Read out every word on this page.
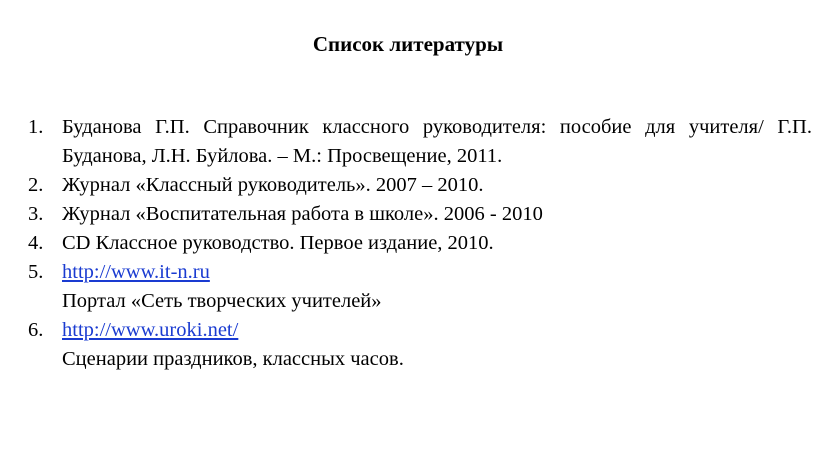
Список литературы
1. Буданова Г.П. Справочник классного руководителя: пособие для учителя/ Г.П. Буданова, Л.Н. Буйлова. – М.: Просвещение, 2011.
2. Журнал «Классный руководитель». 2007 – 2010.
3. Журнал «Воспитательная работа в школе». 2006 - 2010
4. CD Классное руководство. Первое издание, 2010.
5. http://www.it-n.ru
Портал «Сеть творческих учителей»
6. http://www.uroki.net/
Сценарии праздников, классных часов.
